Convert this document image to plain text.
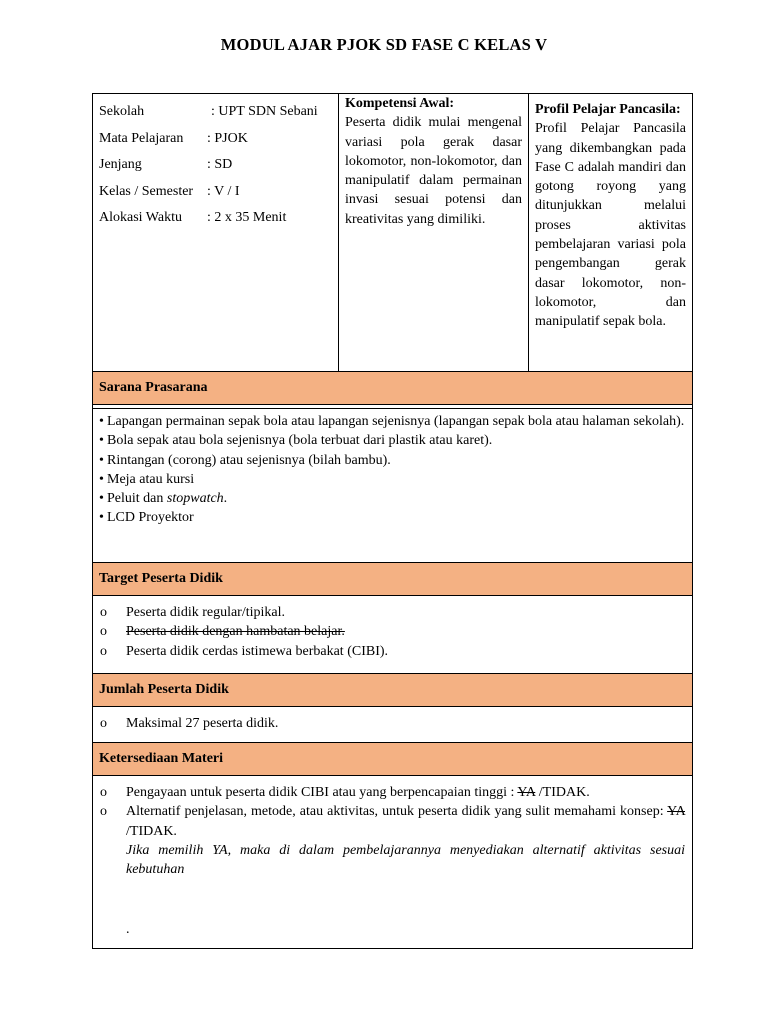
MODUL AJAR PJOK SD FASE C KELAS V
Sekolah	: UPT SDN Sebani
Mata Pelajaran	: PJOK
Jenjang	: SD
Kelas / Semester : V / I
Alokasi Waktu	: 2 x 35 Menit
Kompetensi Awal:
Peserta didik mulai mengenal variasi pola gerak dasar lokomotor, non-lokomotor, dan manipulatif dalam permainan invasi sesuai potensi dan kreativitas yang dimiliki.
Profil Pelajar Pancasila:
Profil Pelajar Pancasila yang dikembangkan pada Fase C adalah mandiri dan gotong royong yang ditunjukkan melalui proses aktivitas pembelajaran variasi pola pengembangan gerak dasar lokomotor, non-lokomotor, dan manipulatif sepak bola.
Sarana Prasarana
• Lapangan permainan sepak bola atau lapangan sejenisnya (lapangan sepak bola atau halaman sekolah).
• Bola sepak atau bola sejenisnya (bola terbuat dari plastik atau karet).
• Rintangan (corong) atau sejenisnya (bilah bambu).
• Meja atau kursi
• Peluit dan stopwatch.
• LCD Proyektor
Target Peserta Didik
o Peserta didik regular/tipikal.
o Peserta didik dengan hambatan belajar.
o Peserta didik cerdas istimewa berbakat (CIBI).
Jumlah Peserta Didik
o Maksimal 27 peserta didik.
Ketersediaan Materi
o Pengayaan untuk peserta didik CIBI atau yang berpencapaian tinggi : YA /TIDAK.
o Alternatif penjelasan, metode, atau aktivitas, untuk peserta didik yang sulit memahami konsep: YA /TIDAK.
Jika memilih YA, maka di dalam pembelajarannya menyediakan alternatif aktivitas sesuai kebutuhan
.
